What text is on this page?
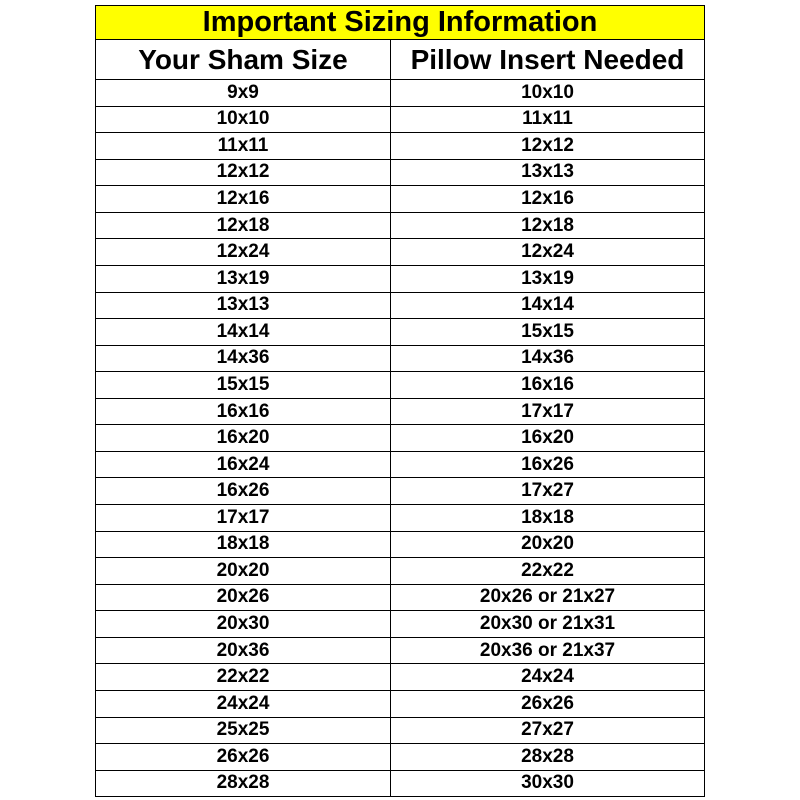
Important Sizing Information
Your Sham Size	Pillow Insert Needed
9x9	10x10
10x10	11x11
11x11	12x12
12x12	13x13
12x16	12x16
12x18	12x18
12x24	12x24
13x19	13x19
13x13	14x14
14x14	15x15
14x36	14x36
15x15	16x16
16x16	17x17
16x20	16x20
16x24	16x26
16x26	17x27
17x17	18x18
18x18	20x20
20x20	22x22
20x26	20x26 or 21x27
20x30	20x30 or 21x31
20x36	20x36 or 21x37
22x22	24x24
24x24	26x26
25x25	27x27
26x26	28x28
28x28	30x30
